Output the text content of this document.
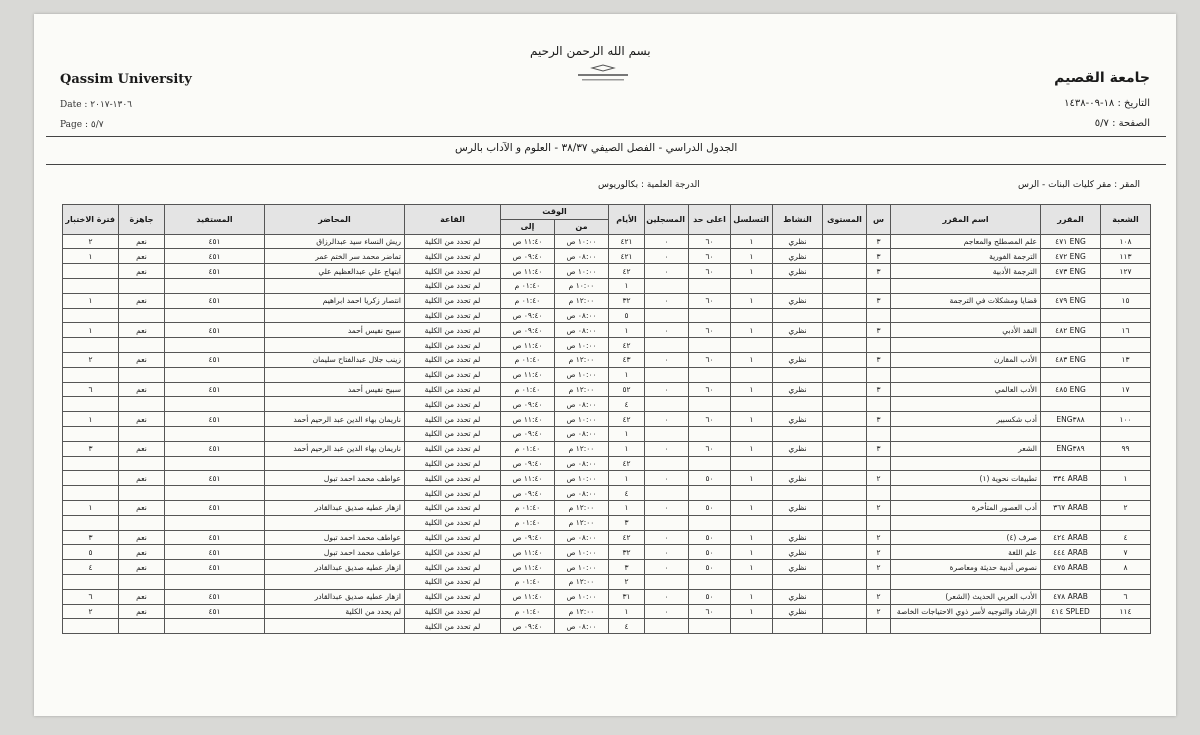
بسم الله الرحمن الرحيم
Qassim University	جامعة القصيم
Date : ١٣٠٦-٢٠١٧
Page : ٥/٧
التاريخ : ١٨-٠٩-١٤٣٨
الصفحة : ٥/٧
الجدول الدراسي - الفصل الصيفي ٣٨/٣٧ - العلوم و الآداب بالرس
المقر : مقر كليات البنات - الرس
الدرجة العلمية : بكالوريوس
الشعبة	المقرر	اسم المقرر	س	المستوى	النشاط	التسلسل	اعلى حد	المسجلين	الأيام	الوقت		القاعة	المحاضر	المستفيد	جاهزة	فترة الاختبار
										من	إلى					
١٠٨	ENG ٤٧١	علم المصطلح والمعاجم	٣		نظري	١	٦٠	٠	٤٢١	١٠:٠٠ ص	١١:٤٠ ص	لم تحدد من الكلية	ريش النساء سيد عبدالرزاق	٤٥١	نعم	٢
١١٣	ENG ٤٧٢	الترجمة الفورية	٣		نظري	١	٦٠	٠	٤٢١	٠٨:٠٠ ص	٠٩:٤٠ ص	لم تحدد من الكلية	تماضر محمد سر الختم عمر	٤٥١	نعم	١
١٢٧	ENG ٤٧٣	الترجمة الأدبية	٣		نظري	١	٦٠	٠	٤٢	١٠:٠٠ ص	١١:٤٠ ص	لم تحدد من الكلية	ابتهاج علي عبدالعظيم علي	٤٥١	نعم	
									١	١٠:٠٠ م	٠١:٤٠ م	لم تحدد من الكلية				
١٥	ENG ٤٧٩	قضايا ومشكلات في الترجمة	٣		نظري	١	٦٠	٠	٣٢	١٢:٠٠ م	٠١:٤٠ م	لم تحدد من الكلية	انتصار زكريا احمد ابراهيم	٤٥١	نعم	١
									٥	٠٨:٠٠ ص	٠٩:٤٠ ص	لم تحدد من الكلية				
١٦	ENG ٤٨٢	النقد الأدبي	٣		نظري	١	٦٠	٠	١	٠٨:٠٠ ص	٠٩:٤٠ ص	لم تحدد من الكلية	سبيح نفيس أحمد	٤٥١	نعم	١
									٤٢	١٠:٠٠ ص	١١:٤٠ ص	لم تحدد من الكلية				
١٣	ENG ٤٨٣	الأدب المقارن	٣		نظري	١	٦٠	٠	٤٣	١٢:٠٠ م	٠١:٤٠ م	لم تحدد من الكلية	زينب جلال عبدالفتاح سليمان	٤٥١	نعم	٢
									١	١٠:٠٠ ص	١١:٤٠ ص	لم تحدد من الكلية				
١٧	ENG ٤٨٥	الأدب العالمي	٣		نظري	١	٦٠	٠	٥٢	١٢:٠٠ م	٠١:٤٠ م	لم تحدد من الكلية	سبيح نفيس أحمد	٤٥١	نعم	٦
									٤	٠٨:٠٠ ص	٠٩:٤٠ ص	لم تحدد من الكلية				
١٠٠	ENG٣٨٨	أدب شكسبير	٣		نظري	١	٦٠	٠	٤٢	١٠:٠٠ ص	١١:٤٠ ص	لم تحدد من الكلية	ناريمان بهاء الدين عبد الرحيم أحمد	٤٥١	نعم	١
									١	٠٨:٠٠ ص	٠٩:٤٠ ص	لم تحدد من الكلية				
٩٩	ENG٣٨٩	الشعر	٣		نظري	١	٦٠	٠	١	١٢:٠٠ م	٠١:٤٠ م	لم تحدد من الكلية	ناريمان بهاء الدين عبد الرحيم أحمد	٤٥١	نعم	٣
									٤٢	٠٨:٠٠ ص	٠٩:٤٠ ص	لم تحدد من الكلية				
١	ARAB ٣٣٤	تطبيقات نحوية (١)	٢		نظري	١	٥٠	٠	١	١٠:٠٠ ص	١١:٤٠ ص	لم تحدد من الكلية	عواطف محمد احمد تبول	٤٥١	نعم	
									٤	٠٨:٠٠ ص	٠٩:٤٠ ص	لم تحدد من الكلية				
٢	ARAB ٣٦٧	أدب العصور المتأخرة	٢		نظري	١	٥٠	٠	١	١٢:٠٠ م	٠١:٤٠ م	لم تحدد من الكلية	ازهار عطيه صديق عبدالقادر	٤٥١	نعم	١
									٣	١٢:٠٠ م	٠١:٤٠ م	لم تحدد من الكلية				
٤	ARAB ٤٢٤	صرف (٤)	٢		نظري	١	٥٠	٠	٤٢	٠٨:٠٠ ص	٠٩:٤٠ ص	لم تحدد من الكلية	عواطف محمد احمد تبول	٤٥١	نعم	٣
٧	ARAB ٤٤٤	علم اللغة	٢		نظري	١	٥٠	٠	٣٢	١٠:٠٠ ص	١١:٤٠ ص	لم تحدد من الكلية	عواطف محمد احمد تبول	٤٥١	نعم	٥
٨	ARAB ٤٧٥	نصوص أدبية حديثة ومعاصرة	٢		نظري	١	٥٠	٠	٣	١٠:٠٠ ص	١١:٤٠ ص	لم تحدد من الكلية	ازهار عطيه صديق عبدالقادر	٤٥١	نعم	٤
									٢	١٢:٠٠ م	٠١:٤٠ م	لم تحدد من الكلية				
٦	ARAB ٤٧٨	الأدب العربي الحديث (الشعر)	٢		نظري	١	٥٠	٠	٣١	١٠:٠٠ ص	١١:٤٠ ص	لم تحدد من الكلية	ازهار عطيه صديق عبدالقادر	٤٥١	نعم	٦
١١٤	SPLED ٤١٤	الإرشاد والتوجيه لأسر ذوي الاحتياجات الخاصة	٢		نظري	١	٦٠	٠	١	١٢:٠٠ م	٠١:٤٠ م	لم تحدد من الكلية	لم يحدد من الكلية	٤٥١	نعم	٢
									٤	٠٨:٠٠ ص	٠٩:٤٠ ص	لم تحدد من الكلية				
